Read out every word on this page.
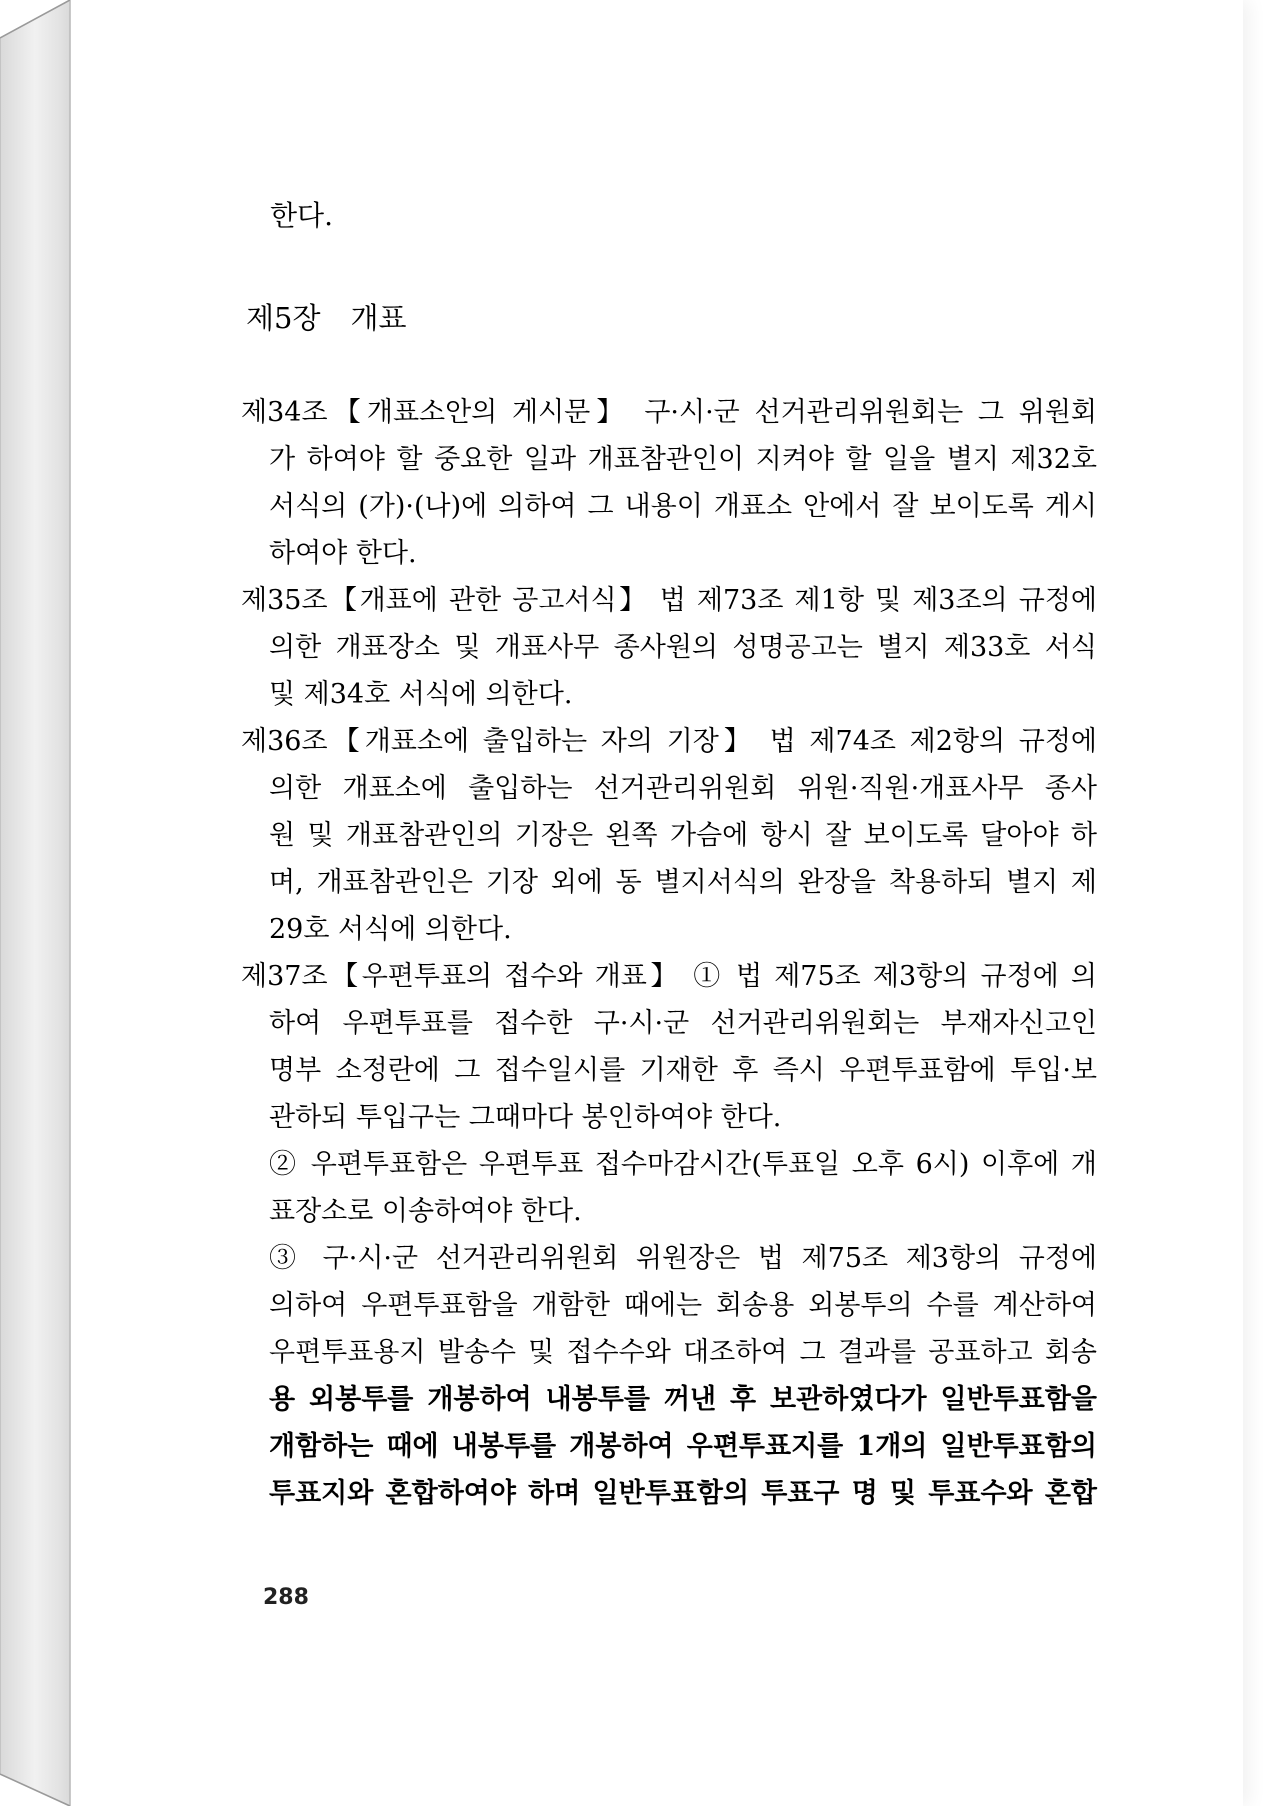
한다.
제5장 개표
제34조【개표소안의 게시문】 구·시·군 선거관리위원회는 그 위원회
가 하여야 할 중요한 일과 개표참관인이 지켜야 할 일을 별지 제32호
서식의 (가)·(나)에 의하여 그 내용이 개표소 안에서 잘 보이도록 게시
하여야 한다.
제35조【개표에 관한 공고서식】 법 제73조 제1항 및 제3조의 규정에
의한 개표장소 및 개표사무 종사원의 성명공고는 별지 제33호 서식
및 제34호 서식에 의한다.
제36조【개표소에 출입하는 자의 기장】 법 제74조 제2항의 규정에
의한 개표소에 출입하는 선거관리위원회 위원·직원·개표사무 종사
원 및 개표참관인의 기장은 왼쪽 가슴에 항시 잘 보이도록 달아야 하
며, 개표참관인은 기장 외에 동 별지서식의 완장을 착용하되 별지 제
29호 서식에 의한다.
제37조【우편투표의 접수와 개표】 ① 법 제75조 제3항의 규정에 의
하여 우편투표를 접수한 구·시·군 선거관리위원회는 부재자신고인
명부 소정란에 그 접수일시를 기재한 후 즉시 우편투표함에 투입·보
관하되 투입구는 그때마다 봉인하여야 한다.
② 우편투표함은 우편투표 접수마감시간(투표일 오후 6시) 이후에 개
표장소로 이송하여야 한다.
③ 구·시·군 선거관리위원회 위원장은 법 제75조 제3항의 규정에
의하여 우편투표함을 개함한 때에는 회송용 외봉투의 수를 계산하여
우편투표용지 발송수 및 접수수와 대조하여 그 결과를 공표하고 회송
용 외봉투를 개봉하여 내봉투를 꺼낸 후 보관하였다가 일반투표함을
개함하는 때에 내봉투를 개봉하여 우편투표지를 1개의 일반투표함의
투표지와 혼합하여야 하며 일반투표함의 투표구 명 및 투표수와 혼합
288
